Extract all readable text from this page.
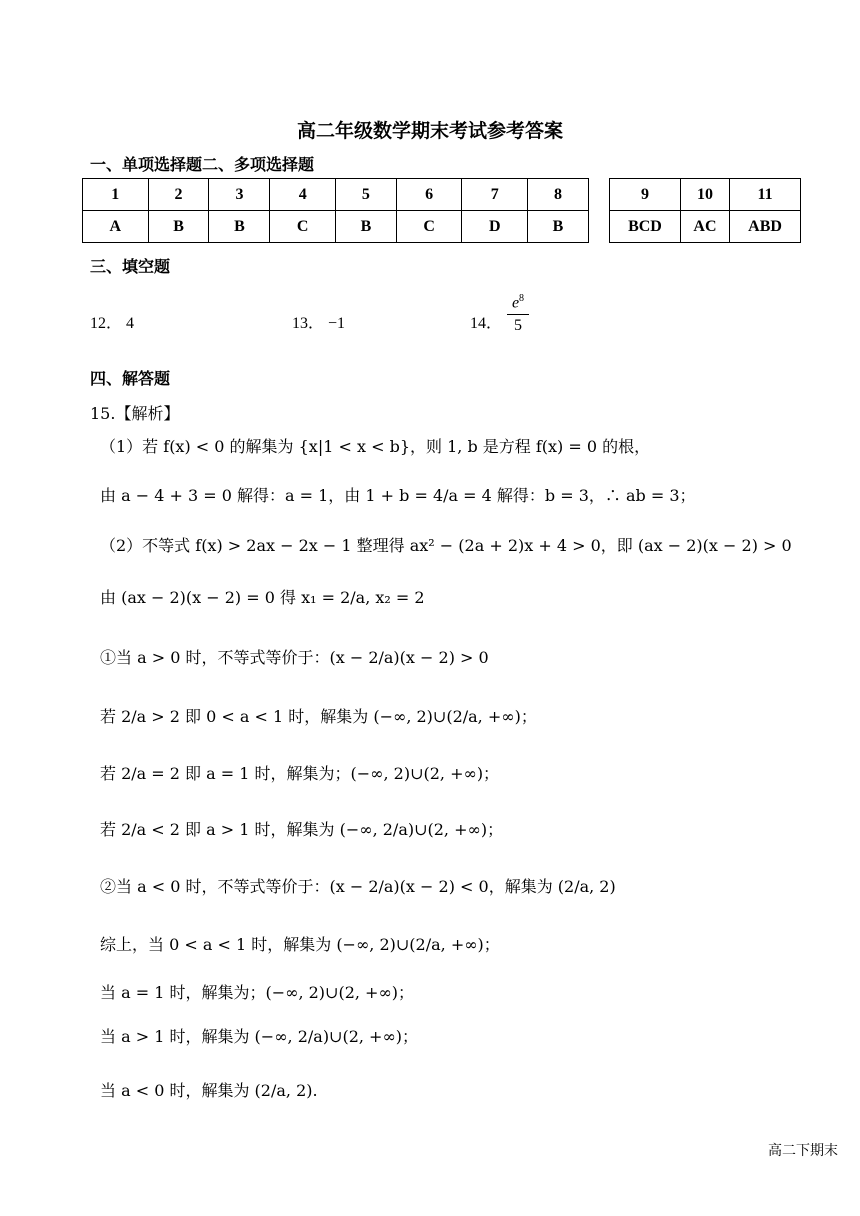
高二年级数学期末考试参考答案
一、单项选择题二、多项选择题
1	2	3	4	5	6	7	8
A	B	B	C	B	C	D	B
9	10	11
BCD	AC	ABD
三、填空题
12． 4	13． −1	14．
$e^8$
5
四、解答题
15.【解析】
（1）若 f(x) < 0 的解集为 {x|1 < x < b}，则 1, b 是方程 f(x) = 0 的根，
由 a − 4 + 3 = 0 解得：a = 1，由 1 + b = 4/a = 4 解得：b = 3，∴ ab = 3；
（2）不等式 f(x) > 2ax − 2x − 1 整理得 ax² − (2a + 2)x + 4 > 0，即 (ax − 2)(x − 2) > 0
由 (ax − 2)(x − 2) = 0 得 x₁ = 2/a, x₂ = 2
①当 a > 0 时，不等式等价于：(x − 2/a)(x − 2) > 0
若 2/a > 2 即 0 < a < 1 时，解集为 (−∞, 2)∪(2/a, +∞)；
若 2/a = 2 即 a = 1 时，解集为；(−∞, 2)∪(2, +∞)；
若 2/a < 2 即 a > 1 时，解集为 (−∞, 2/a)∪(2, +∞)；
②当 a < 0 时，不等式等价于：(x − 2/a)(x − 2) < 0，解集为 (2/a, 2)
综上，当 0 < a < 1 时，解集为 (−∞, 2)∪(2/a, +∞)；
当 a = 1 时，解集为；(−∞, 2)∪(2, +∞)；
当 a > 1 时，解集为 (−∞, 2/a)∪(2, +∞)；
当 a < 0 时，解集为 (2/a, 2).
高二下期末
